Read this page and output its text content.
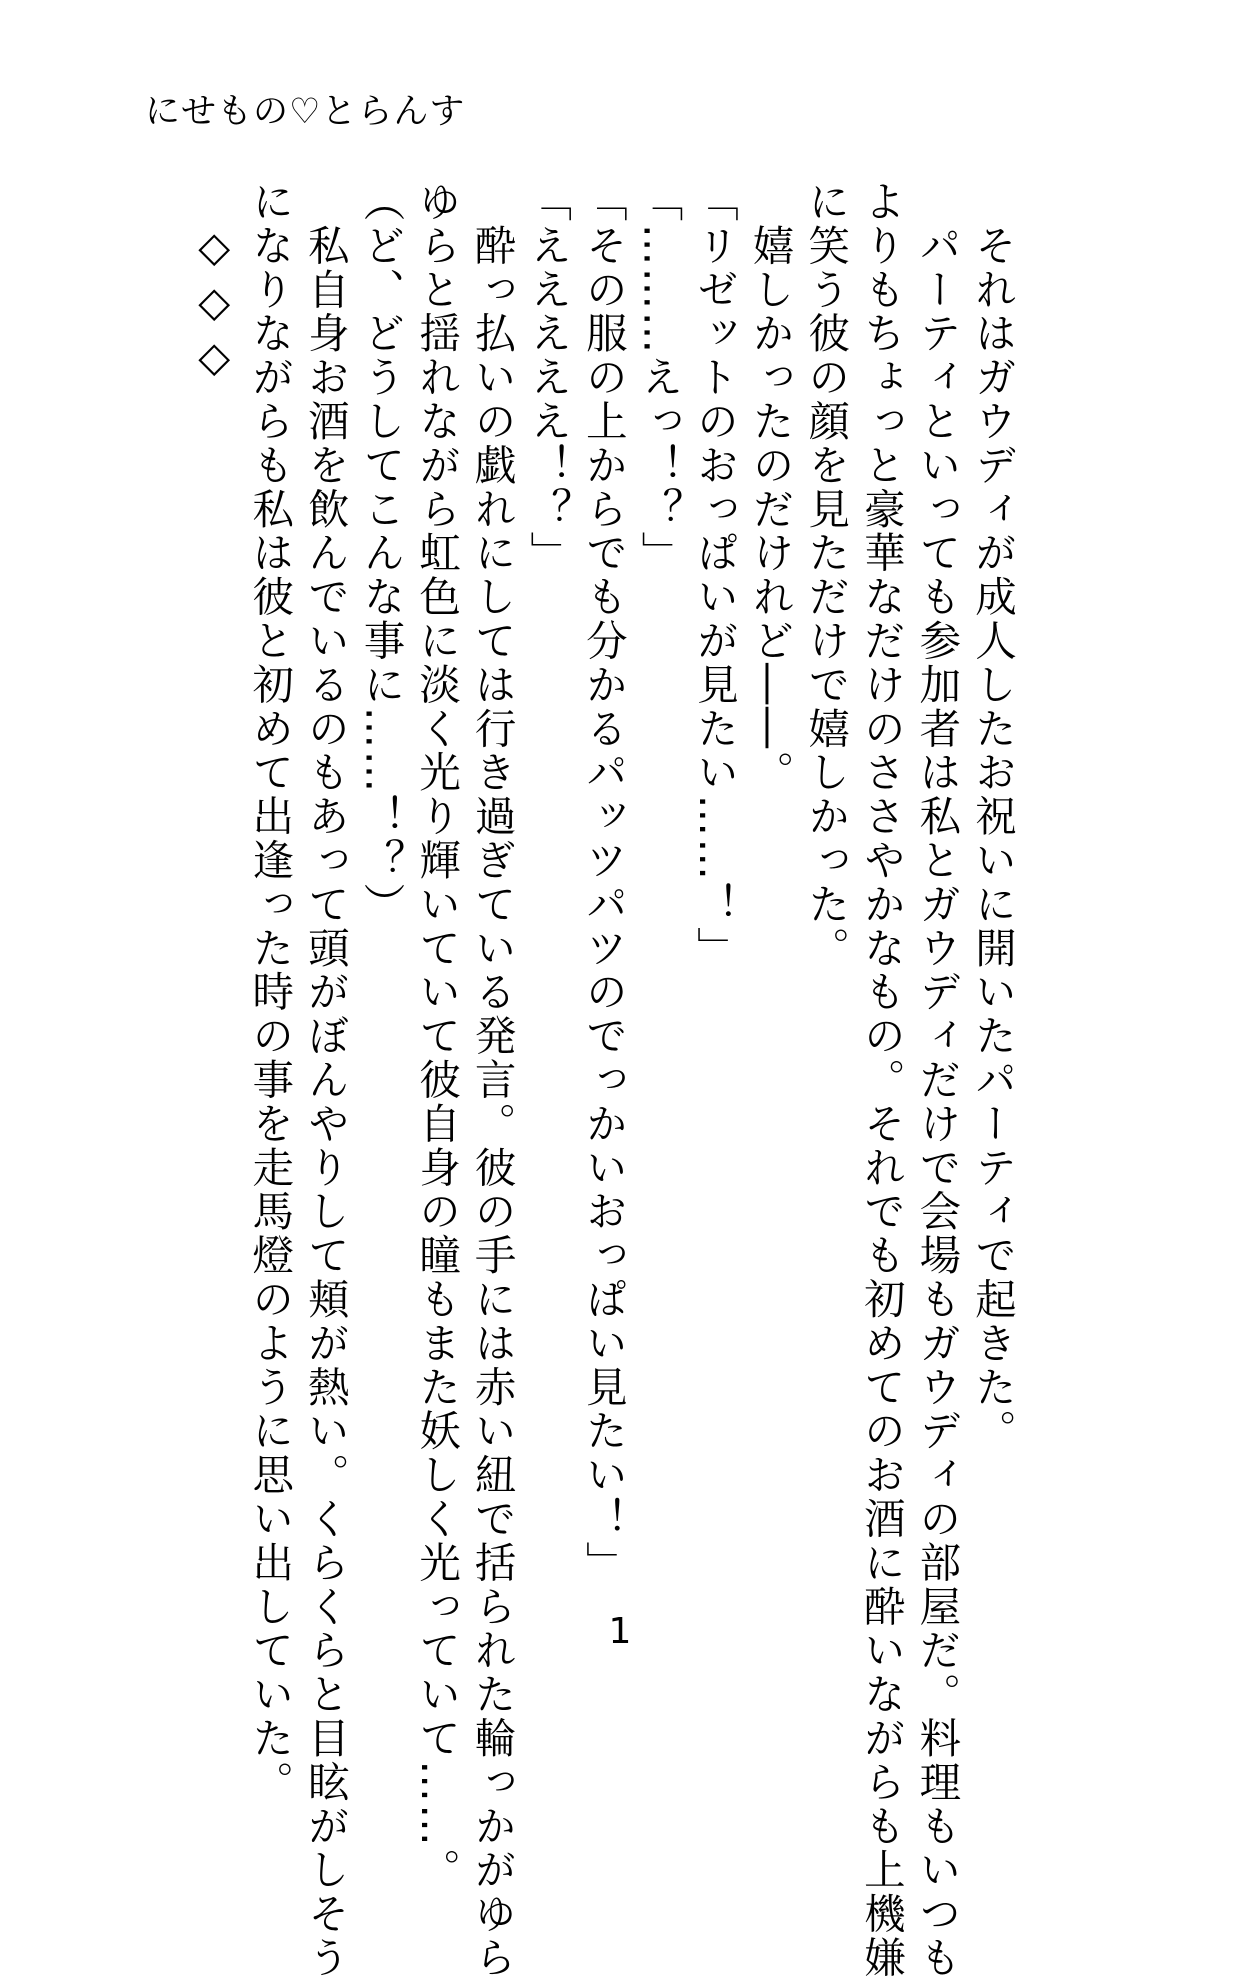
にせもの♡とらんす
　それはガウディが成人したお祝いに開いたパーティで起きた。
　パーティといっても参加者は私とガウディだけで会場もガウディの部屋だ。料理もいつも
よりもちょっと豪華なだけのささやかなもの。それでも初めてのお酒に酔いながらも上機嫌
に笑う彼の顔を見ただけで嬉しかった。
　嬉しかったのだけれど――。
「リゼットのおっぱいが見たい……！」
「………えっ！？」
「その服の上からでも分かるパッツパツのでっかいおっぱい見たい！」
「えええええ！？」
　酔っ払いの戯れにしては行き過ぎている発言。彼の手には赤い紐で括られた輪っかがゆら
ゆらと揺れながら虹色に淡く光り輝いていて彼自身の瞳もまた妖しく光っていて……。
（ど、どうしてこんな事に……！？）
　私自身お酒を飲んでいるのもあって頭がぼんやりして頬が熱い。くらくらと目眩がしそう
になりながらも私は彼と初めて出逢った時の事を走馬燈のように思い出していた。
◇◇◇
1
